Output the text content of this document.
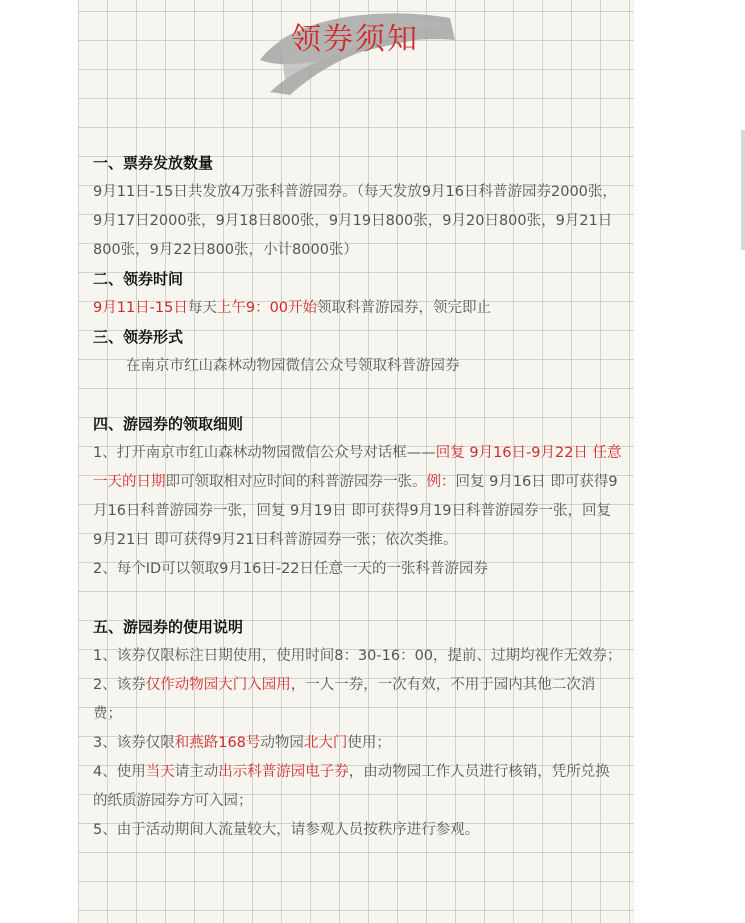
领券须知
一、票券发放数量
9月11日-15日共发放4万张科普游园券。（每天发放9月16日科普游园券2000张，9月17日2000张，9月18日800张，9月19日800张，9月20日800张，9月21日800张，9月22日800张，小计8000张）
二、领券时间
9月11日-15日每天上午9：00开始领取科普游园券，领完即止
三、领券形式
在南京市红山森林动物园微信公众号领取科普游园券
四、游园券的领取细则
1、打开南京市红山森林动物园微信公众号对话框——回复 9月16日-9月22日 任意一天的日期即可领取相对应时间的科普游园券一张。例：回复 9月16日 即可获得9月16日科普游园券一张，回复 9月19日 即可获得9月19日科普游园券一张，回复 9月21日 即可获得9月21日科普游园券一张；依次类推。
2、每个ID可以领取9月16日-22日任意一天的一张科普游园券
五、游园券的使用说明
1、该券仅限标注日期使用，使用时间8：30-16：00，提前、过期均视作无效券；
2、该券仅作动物园大门入园用，一人一券，一次有效，不用于园内其他二次消费；
3、该券仅限和燕路168号动物园北大门使用；
4、使用当天请主动出示科普游园电子券，由动物园工作人员进行核销，凭所兑换的纸质游园券方可入园；
5、由于活动期间人流量较大，请参观人员按秩序进行参观。
